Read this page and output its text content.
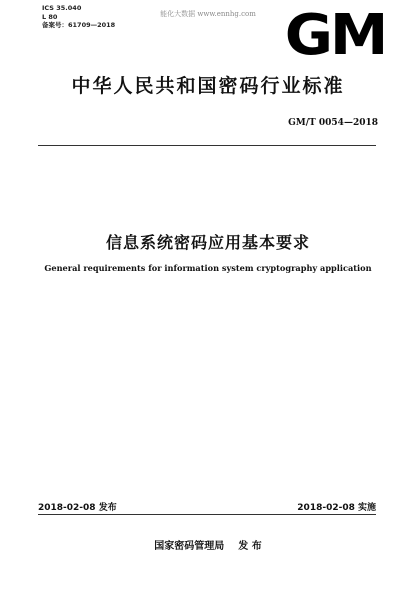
ICS 35.040
L 80
备案号：61709—2018
能化大数据 www.ennhg.com GM
中华人民共和国密码行业标准
GM/T 0054—2018
信息系统密码应用基本要求
General requirements for information system cryptography application
2018-02-08 发布	2018-02-08 实施
国家密码管理局 发 布
